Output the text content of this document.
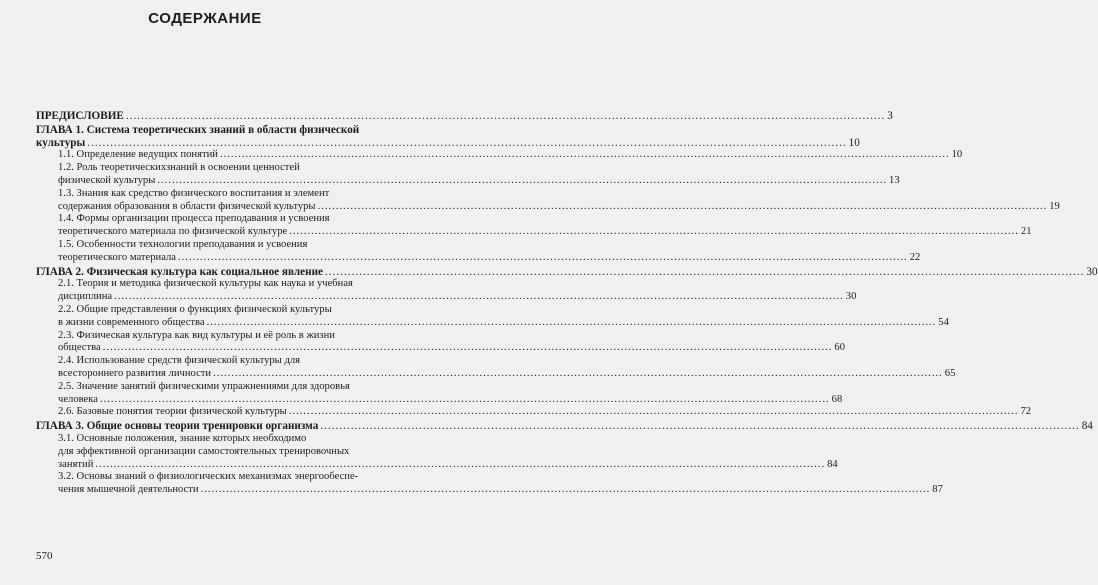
СОДЕРЖАНИЕ
ПРЕДИСЛОВИЕ ........................................................................................................................................................................................................ 3
ГЛАВА 1. Система теоретических знаний в области физической
культуры ........................................................................................................................................................................................................ 10
1.1. Определение ведущих понятий ........................................................................................................................................................................................................ 10
1.2. Роль теоретическихзнаний в освоении ценностей
физической культуры ........................................................................................................................................................................................................ 13
1.3. Знания как средство физического воспитания и элемент
содержания образования в области физической культуры ........................................................................................................................................................................................................ 19
1.4. Формы организации процесса преподавания и усвоения
теоретического материала по физической культуре ........................................................................................................................................................................................................ 21
1.5. Особенности технологии преподавания и усвоения
теоретического материала ........................................................................................................................................................................................................ 22
ГЛАВА 2. Физическая культура как социальное явление ........................................................................................................................................................................................................ 30
2.1. Теория и методика физической культуры как наука и учебная
дисциплина ........................................................................................................................................................................................................ 30
2.2. Общие представления о функциях физической культуры
в жизни современного общества ........................................................................................................................................................................................................ 54
2.3. Физическая культура как вид культуры и её роль в жизни
общества ........................................................................................................................................................................................................ 60
2.4. Использование средств физической культуры для
всестороннего развития личности ........................................................................................................................................................................................................ 65
2.5. Значение занятий физическими упражнениями для здоровья
человека ........................................................................................................................................................................................................ 68
2.6. Базовые понятия теории физической культуры ........................................................................................................................................................................................................ 72
ГЛАВА 3. Общие основы теории тренировки организма ........................................................................................................................................................................................................ 84
3.1. Основные положения, знание которых необходимо
для эффективной организации самостоятельных тренировочных
занятий ........................................................................................................................................................................................................ 84
3.2. Основы знаний о физиологических механизмах энергообеспе-
чения мышечной деятельности ........................................................................................................................................................................................................ 87
570
